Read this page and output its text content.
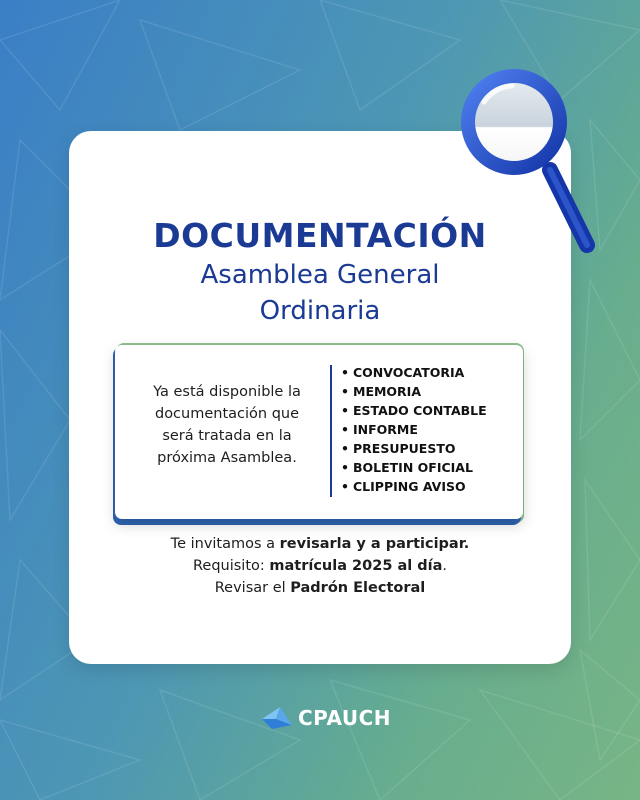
DOCUMENTACIÓN
Asamblea General
Ordinaria
Ya está disponible la
documentación que
será tratada en la
próxima Asamblea.
• CONVOCATORIA
• MEMORIA
• ESTADO CONTABLE
• INFORME
• PRESUPUESTO
• BOLETIN OFICIAL
• CLIPPING AVISO
Te invitamos a revisarla y a participar.
Requisito: matrícula 2025 al día.
Revisar el Padrón Electoral
CPAUCH
